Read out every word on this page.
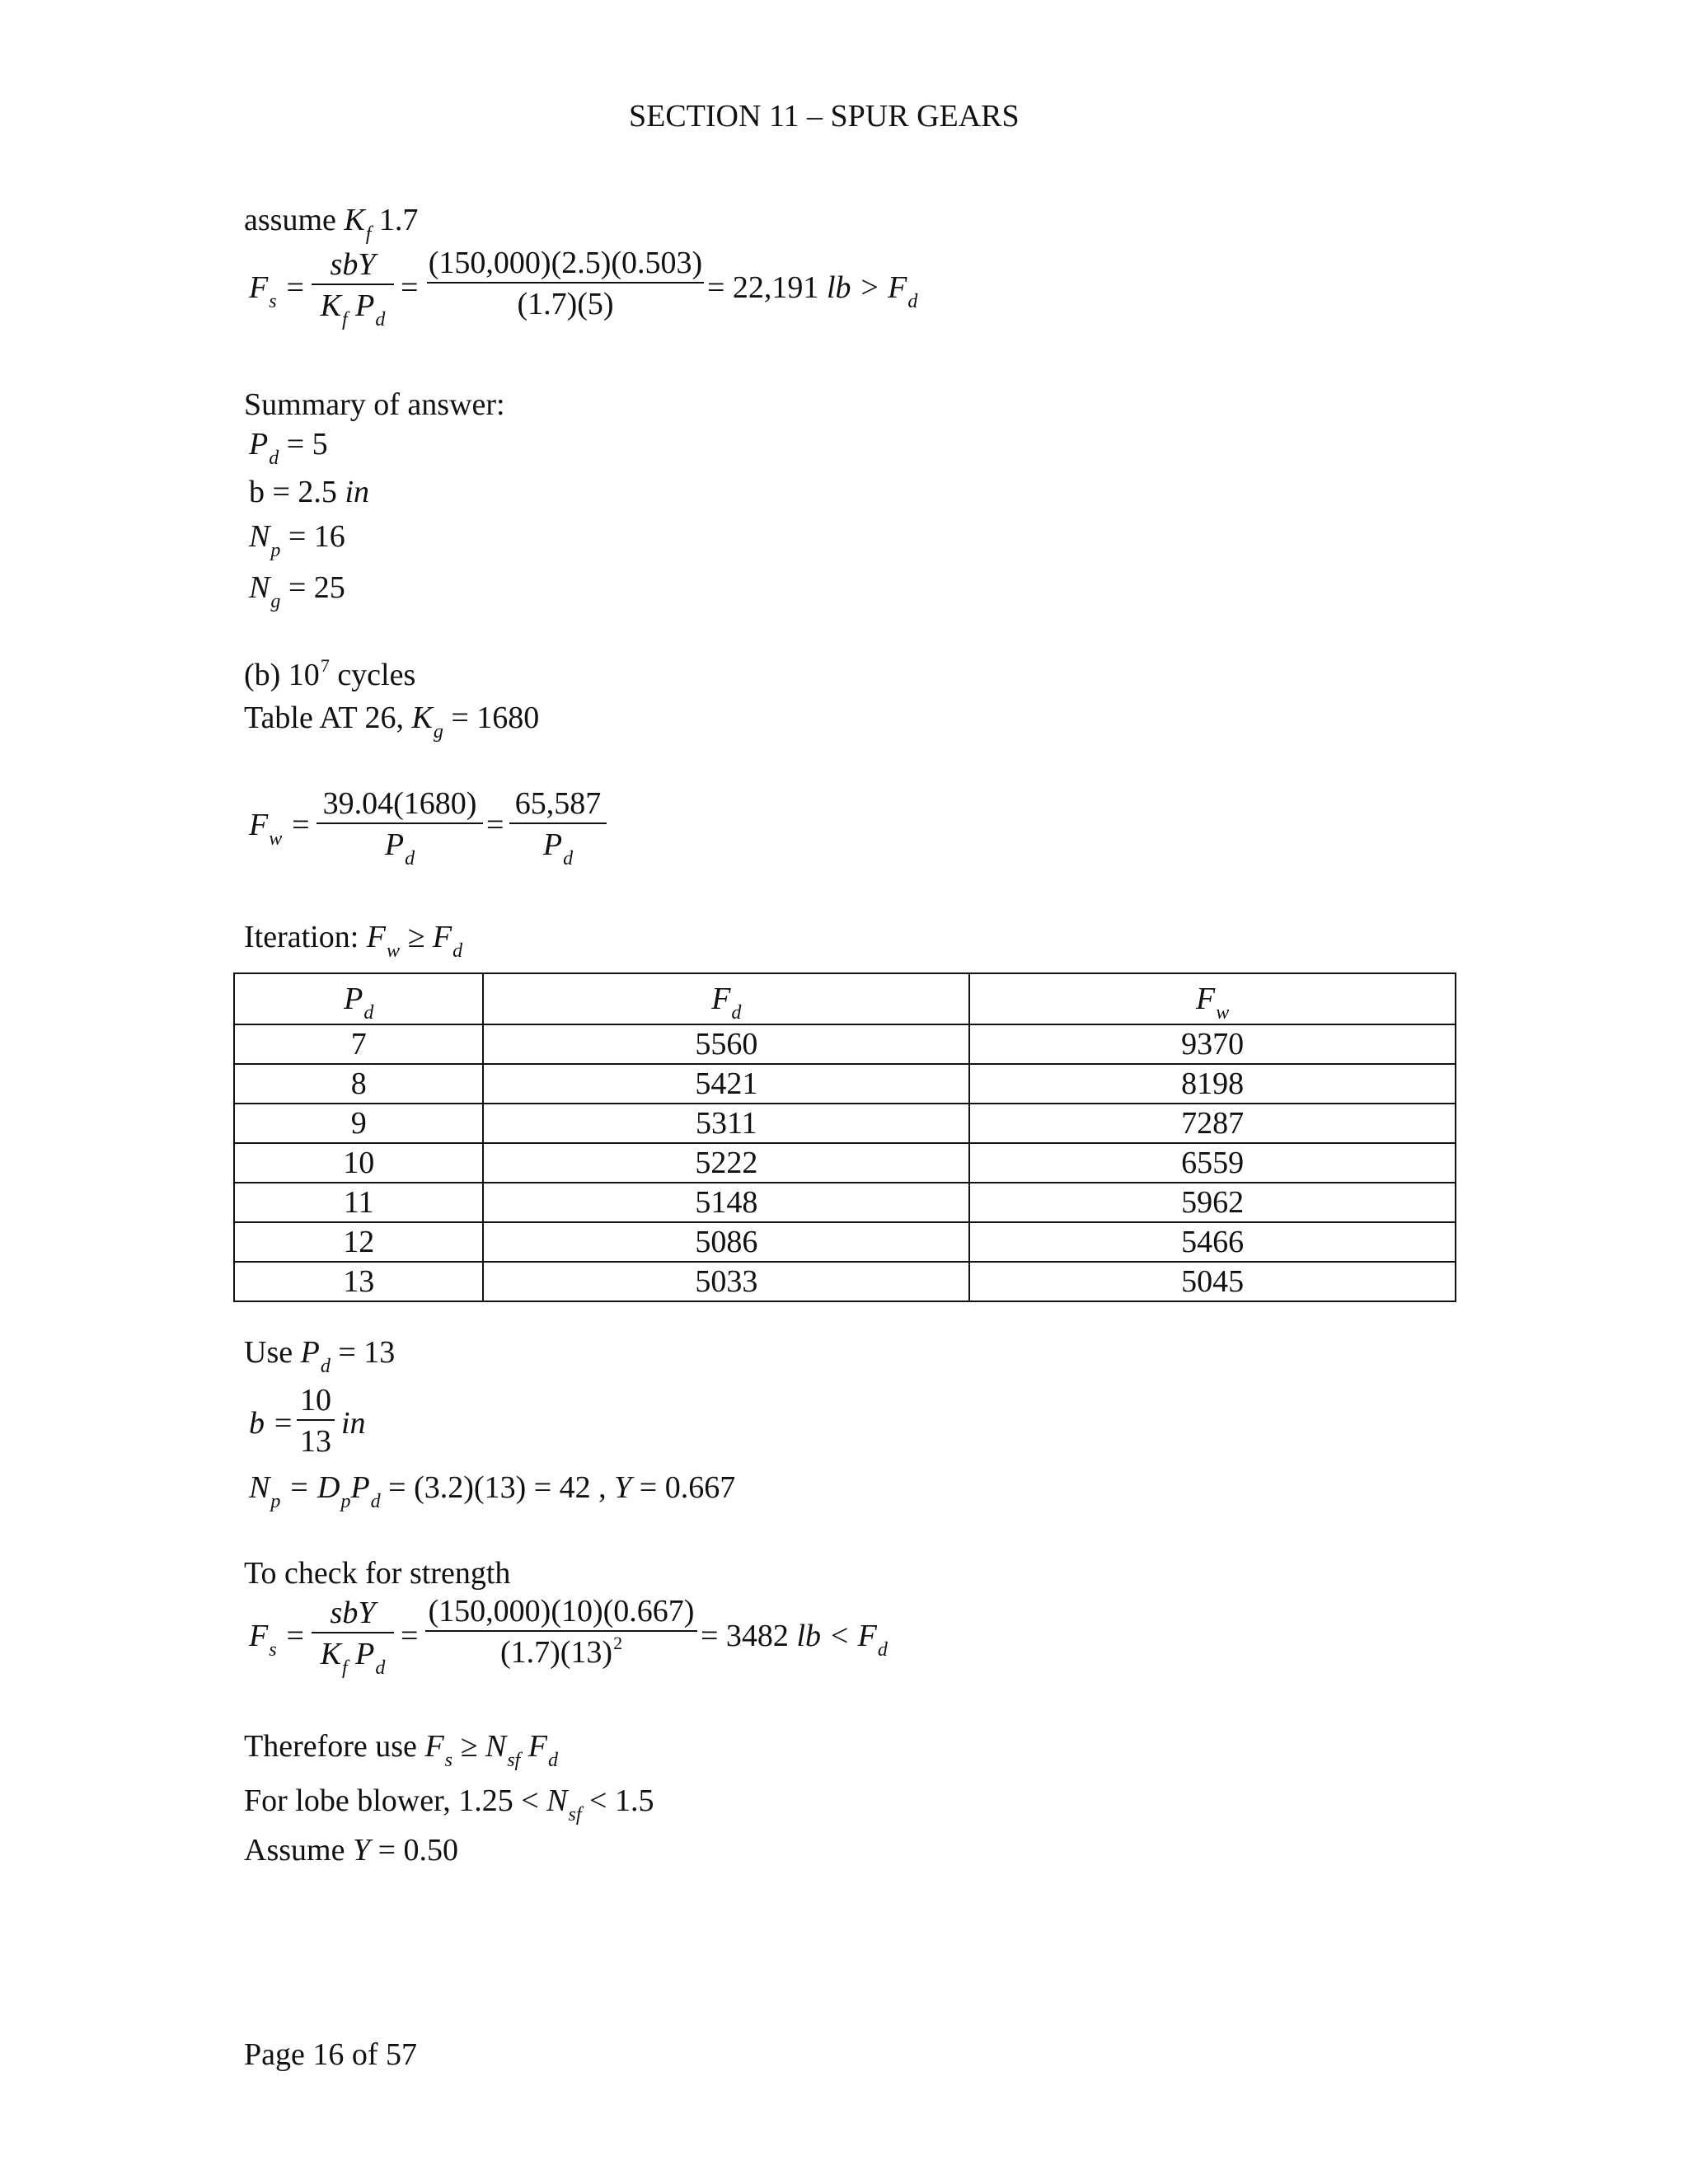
SECTION 11 – SPUR GEARS
assume $K_f$ 1.7
$F_s$ =
sbY
$K_f$ $P_d$
=
(150,000)(2.5)(0.503)
(1.7)(5)	= 22,191 lb > $F_d$
Summary of answer:
$P_d = 5$
b = 2.5 in
$N_p = 16$
$N_g = 25$
(b) $10^7$ cycles
Table AT 26, $K_g = 1680$
$F_w$ =
39.04(1680)
$P_d$
=
65,587
$P_d$
Iteration: $F_w \ge F_d$
$P_d$	$F_d$	$F_w$
7	5560	9370
8	5421	8198
9	5311	7287
10	5222	6559
11	5148	5962
12	5086	5466
13	5033	5045
Use $P_d = 13$
b =
10
13
in
$N_p = D_pP_d = (3.2)(13) = 42$ , Y = 0.667
To check for strength
$F_s$ =
sbY
$K_f$ $P_d$
=
(150,000)(10)(0.667)
$(1.7)(13)^2$	= 3482 lb < $F_d$
Therefore use $F_s \ge N_{sf}$ $F_d$
For lobe blower, $1.25 < N_{sf} < 1.5$
Assume Y = 0.50
Page 16 of 57
